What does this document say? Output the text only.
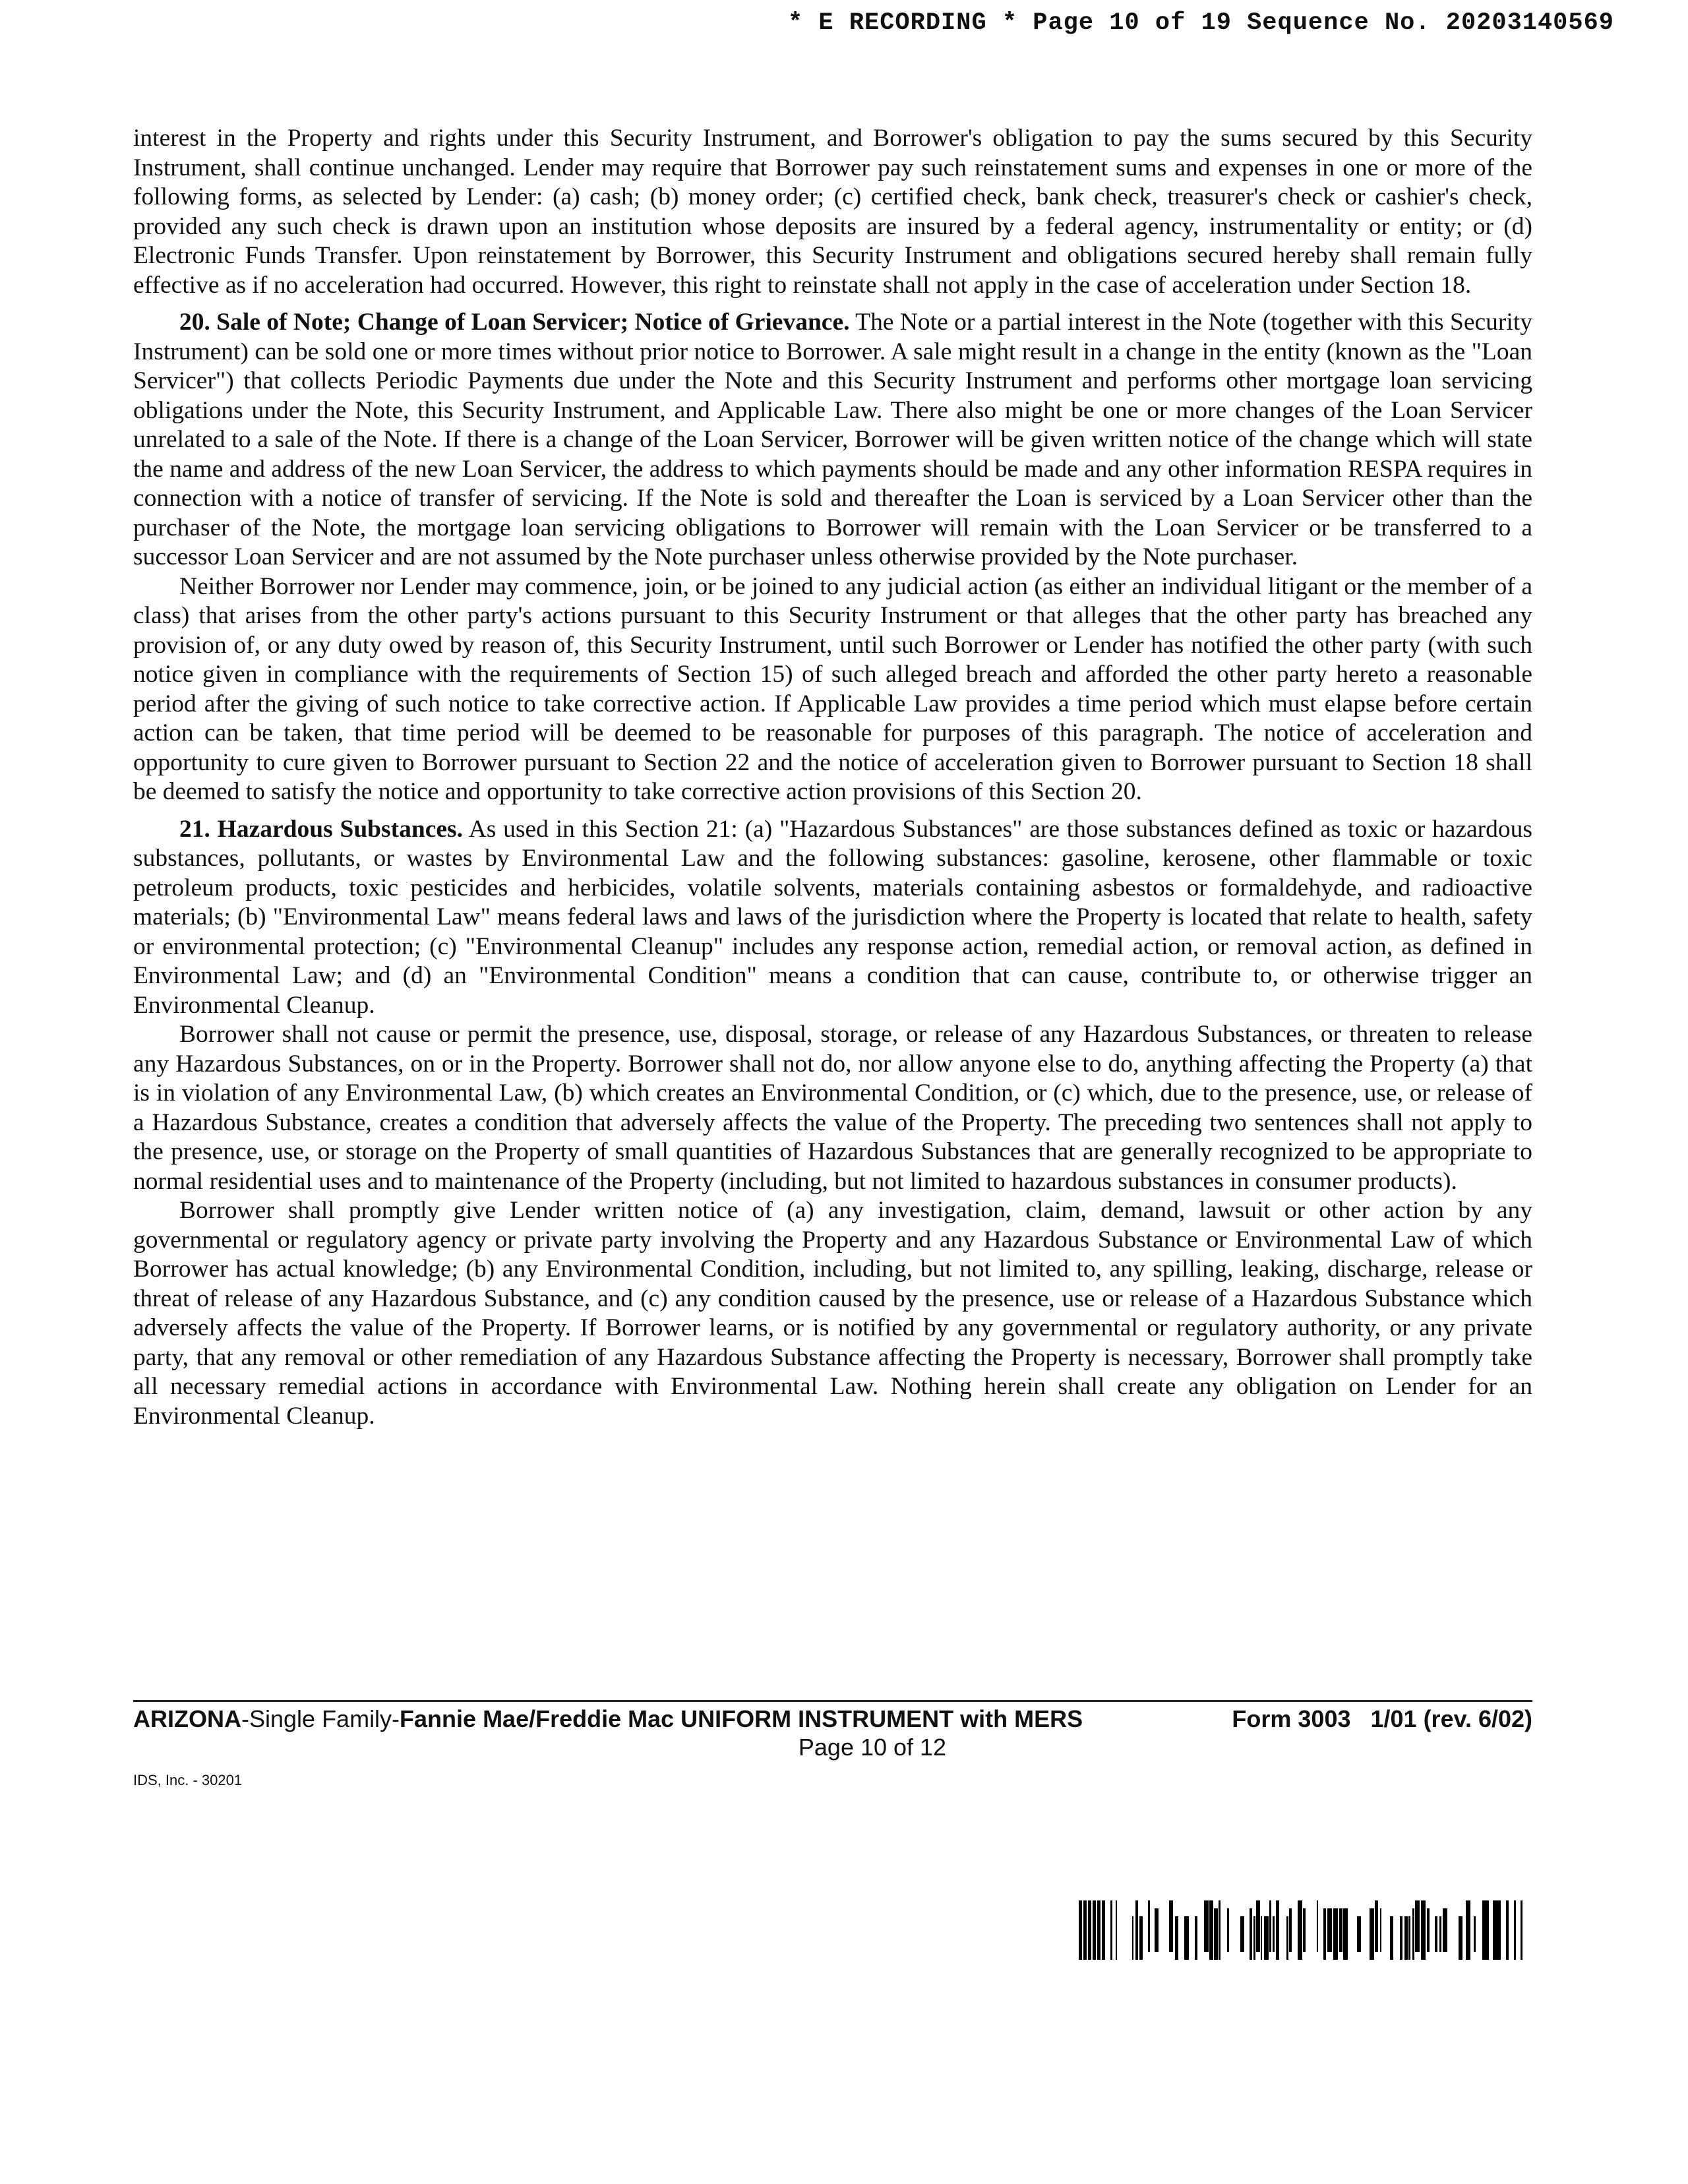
* E RECORDING * Page 10 of 19 Sequence No. 20203140569

interest in the Property and rights under this Security Instrument, and Borrower's obligation to pay the sums secured by this Security Instrument, shall continue unchanged. Lender may require that Borrower pay such reinstatement sums and expenses in one or more of the following forms, as selected by Lender: (a) cash; (b) money order; (c) certified check, bank check, treasurer's check or cashier's check, provided any such check is drawn upon an institution whose deposits are insured by a federal agency, instrumentality or entity; or (d) Electronic Funds Transfer. Upon reinstatement by Borrower, this Security Instrument and obligations secured hereby shall remain fully effective as if no acceleration had occurred. However, this right to reinstate shall not apply in the case of acceleration under Section 18.

20. Sale of Note; Change of Loan Servicer; Notice of Grievance. The Note or a partial interest in the Note (together with this Security Instrument) can be sold one or more times without prior notice to Borrower. A sale might result in a change in the entity (known as the "Loan Servicer") that collects Periodic Payments due under the Note and this Security Instrument and performs other mortgage loan servicing obligations under the Note, this Security Instrument, and Applicable Law. There also might be one or more changes of the Loan Servicer unrelated to a sale of the Note. If there is a change of the Loan Servicer, Borrower will be given written notice of the change which will state the name and address of the new Loan Servicer, the address to which payments should be made and any other information RESPA requires in connection with a notice of transfer of servicing. If the Note is sold and thereafter the Loan is serviced by a Loan Servicer other than the purchaser of the Note, the mortgage loan servicing obligations to Borrower will remain with the Loan Servicer or be transferred to a successor Loan Servicer and are not assumed by the Note purchaser unless otherwise provided by the Note purchaser.

Neither Borrower nor Lender may commence, join, or be joined to any judicial action (as either an individual litigant or the member of a class) that arises from the other party's actions pursuant to this Security Instrument or that alleges that the other party has breached any provision of, or any duty owed by reason of, this Security Instrument, until such Borrower or Lender has notified the other party (with such notice given in compliance with the requirements of Section 15) of such alleged breach and afforded the other party hereto a reasonable period after the giving of such notice to take corrective action. If Applicable Law provides a time period which must elapse before certain action can be taken, that time period will be deemed to be reasonable for purposes of this paragraph. The notice of acceleration and opportunity to cure given to Borrower pursuant to Section 22 and the notice of acceleration given to Borrower pursuant to Section 18 shall be deemed to satisfy the notice and opportunity to take corrective action provisions of this Section 20.

21. Hazardous Substances. As used in this Section 21: (a) "Hazardous Substances" are those substances defined as toxic or hazardous substances, pollutants, or wastes by Environmental Law and the following substances: gasoline, kerosene, other flammable or toxic petroleum products, toxic pesticides and herbicides, volatile solvents, materials containing asbestos or formaldehyde, and radioactive materials; (b) "Environmental Law" means federal laws and laws of the jurisdiction where the Property is located that relate to health, safety or environmental protection; (c) "Environmental Cleanup" includes any response action, remedial action, or removal action, as defined in Environmental Law; and (d) an "Environmental Condition" means a condition that can cause, contribute to, or otherwise trigger an Environmental Cleanup.

Borrower shall not cause or permit the presence, use, disposal, storage, or release of any Hazardous Substances, or threaten to release any Hazardous Substances, on or in the Property. Borrower shall not do, nor allow anyone else to do, anything affecting the Property (a) that is in violation of any Environmental Law, (b) which creates an Environmental Condition, or (c) which, due to the presence, use, or release of a Hazardous Substance, creates a condition that adversely affects the value of the Property. The preceding two sentences shall not apply to the presence, use, or storage on the Property of small quantities of Hazardous Substances that are generally recognized to be appropriate to normal residential uses and to maintenance of the Property (including, but not limited to hazardous substances in consumer products).

Borrower shall promptly give Lender written notice of (a) any investigation, claim, demand, lawsuit or other action by any governmental or regulatory agency or private party involving the Property and any Hazardous Substance or Environmental Law of which Borrower has actual knowledge; (b) any Environmental Condition, including, but not limited to, any spilling, leaking, discharge, release or threat of release of any Hazardous Substance, and (c) any condition caused by the presence, use or release of a Hazardous Substance which adversely affects the value of the Property. If Borrower learns, or is notified by any governmental or regulatory authority, or any private party, that any removal or other remediation of any Hazardous Substance affecting the Property is necessary, Borrower shall promptly take all necessary remedial actions in accordance with Environmental Law. Nothing herein shall create any obligation on Lender for an Environmental Cleanup.

ARIZONA-Single Family-Fannie Mae/Freddie Mac UNIFORM INSTRUMENT with MERS	Form 3003   1/01 (rev. 6/02)
Page 10 of 12
IDS, Inc. - 30201
